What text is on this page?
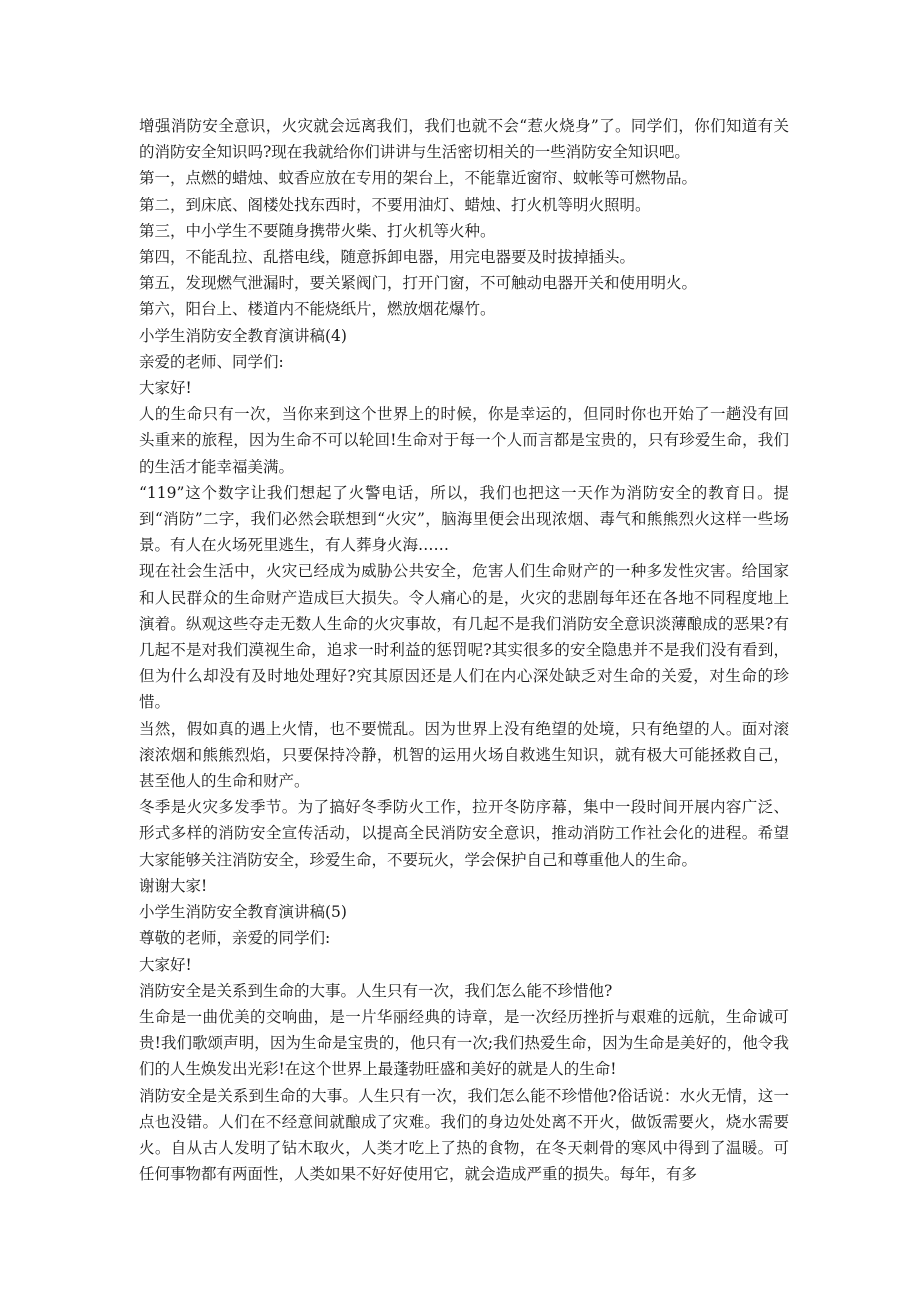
增强消防安全意识，火灾就会远离我们，我们也就不会“惹火烧身”了。同学们，你们知道有关的消防安全知识吗?现在我就给你们讲讲与生活密切相关的一些消防安全知识吧。

第一，点燃的蜡烛、蚊香应放在专用的架台上，不能靠近窗帘、蚊帐等可燃物品。

第二，到床底、阁楼处找东西时，不要用油灯、蜡烛、打火机等明火照明。

第三，中小学生不要随身携带火柴、打火机等火种。

第四，不能乱拉、乱搭电线，随意拆卸电器，用完电器要及时拔掉插头。

第五，发现燃气泄漏时，要关紧阀门，打开门窗，不可触动电器开关和使用明火。

第六，阳台上、楼道内不能烧纸片，燃放烟花爆竹。

小学生消防安全教育演讲稿(4)

亲爱的老师、同学们:

大家好!

人的生命只有一次，当你来到这个世界上的时候，你是幸运的，但同时你也开始了一趟没有回头重来的旅程，因为生命不可以轮回!生命对于每一个人而言都是宝贵的，只有珍爱生命，我们的生活才能幸福美满。

“119”这个数字让我们想起了火警电话，所以，我们也把这一天作为消防安全的教育日。提到“消防”二字，我们必然会联想到“火灾”，脑海里便会出现浓烟、毒气和熊熊烈火这样一些场景。有人在火场死里逃生，有人葬身火海……

现在社会生活中，火灾已经成为威胁公共安全，危害人们生命财产的一种多发性灾害。给国家和人民群众的生命财产造成巨大损失。令人痛心的是，火灾的悲剧每年还在各地不同程度地上演着。纵观这些夺走无数人生命的火灾事故，有几起不是我们消防安全意识淡薄酿成的恶果?有几起不是对我们漠视生命，追求一时利益的惩罚呢?其实很多的安全隐患并不是我们没有看到，但为什么却没有及时地处理好?究其原因还是人们在内心深处缺乏对生命的关爱，对生命的珍惜。

当然，假如真的遇上火情，也不要慌乱。因为世界上没有绝望的处境，只有绝望的人。面对滚滚浓烟和熊熊烈焰，只要保持冷静，机智的运用火场自救逃生知识，就有极大可能拯救自己，甚至他人的生命和财产。

冬季是火灾多发季节。为了搞好冬季防火工作，拉开冬防序幕，集中一段时间开展内容广泛、形式多样的消防安全宣传活动，以提高全民消防安全意识，推动消防工作社会化的进程。希望大家能够关注消防安全，珍爱生命，不要玩火，学会保护自己和尊重他人的生命。

谢谢大家!

小学生消防安全教育演讲稿(5)

尊敬的老师，亲爱的同学们:

大家好!

消防安全是关系到生命的大事。人生只有一次，我们怎么能不珍惜他?

生命是一曲优美的交响曲，是一片华丽经典的诗章，是一次经历挫折与艰难的远航，生命诚可贵!我们歌颂声明，因为生命是宝贵的，他只有一次;我们热爱生命，因为生命是美好的，他令我们的人生焕发出光彩!在这个世界上最蓬勃旺盛和美好的就是人的生命!

消防安全是关系到生命的大事。人生只有一次，我们怎么能不珍惜他?俗话说：水火无情，这一点也没错。人们在不经意间就酿成了灾难。我们的身边处处离不开火，做饭需要火，烧水需要火。自从古人发明了钻木取火，人类才吃上了热的食物，在冬天刺骨的寒风中得到了温暖。可任何事物都有两面性，人类如果不好好使用它，就会造成严重的损失。每年，有多
